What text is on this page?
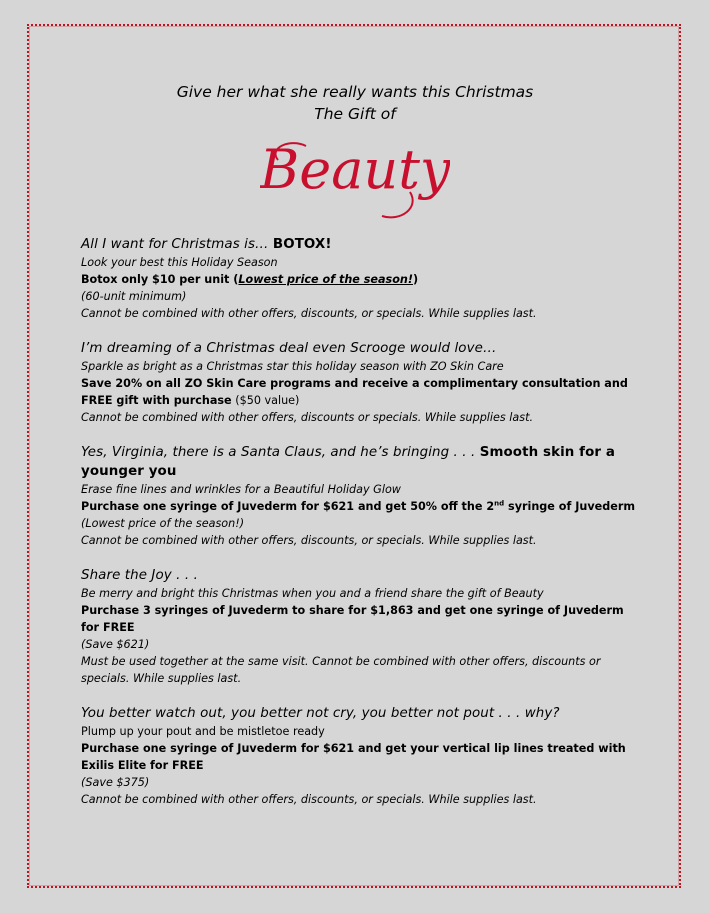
Give her what she really wants this Christmas
The Gift of
Beauty
All I want for Christmas is… BOTOX!
Look your best this Holiday Season
Botox only $10 per unit (Lowest price of the season!)
(60-unit minimum)
Cannot be combined with other offers, discounts, or specials. While supplies last.
I’m dreaming of a Christmas deal even Scrooge would love…
Sparkle as bright as a Christmas star this holiday season with ZO Skin Care
Save 20% on all ZO Skin Care programs and receive a complimentary consultation and FREE gift with purchase ($50 value)
Cannot be combined with other offers, discounts or specials. While supplies last.
Yes, Virginia, there is a Santa Claus, and he’s bringing . . . Smooth skin for a younger you
Erase fine lines and wrinkles for a Beautiful Holiday Glow
Purchase one syringe of Juvederm for $621 and get 50% off the 2nd syringe of Juvederm
(Lowest price of the season!)
Cannot be combined with other offers, discounts, or specials. While supplies last.
Share the Joy . . .
Be merry and bright this Christmas when you and a friend share the gift of Beauty
Purchase 3 syringes of Juvederm to share for $1,863 and get one syringe of Juvederm for FREE
(Save $621)
Must be used together at the same visit. Cannot be combined with other offers, discounts or specials. While supplies last.
You better watch out, you better not cry, you better not pout . . . why?
Plump up your pout and be mistletoe ready
Purchase one syringe of Juvederm for $621 and get your vertical lip lines treated with Exilis Elite for FREE
(Save $375)
Cannot be combined with other offers, discounts, or specials. While supplies last.
